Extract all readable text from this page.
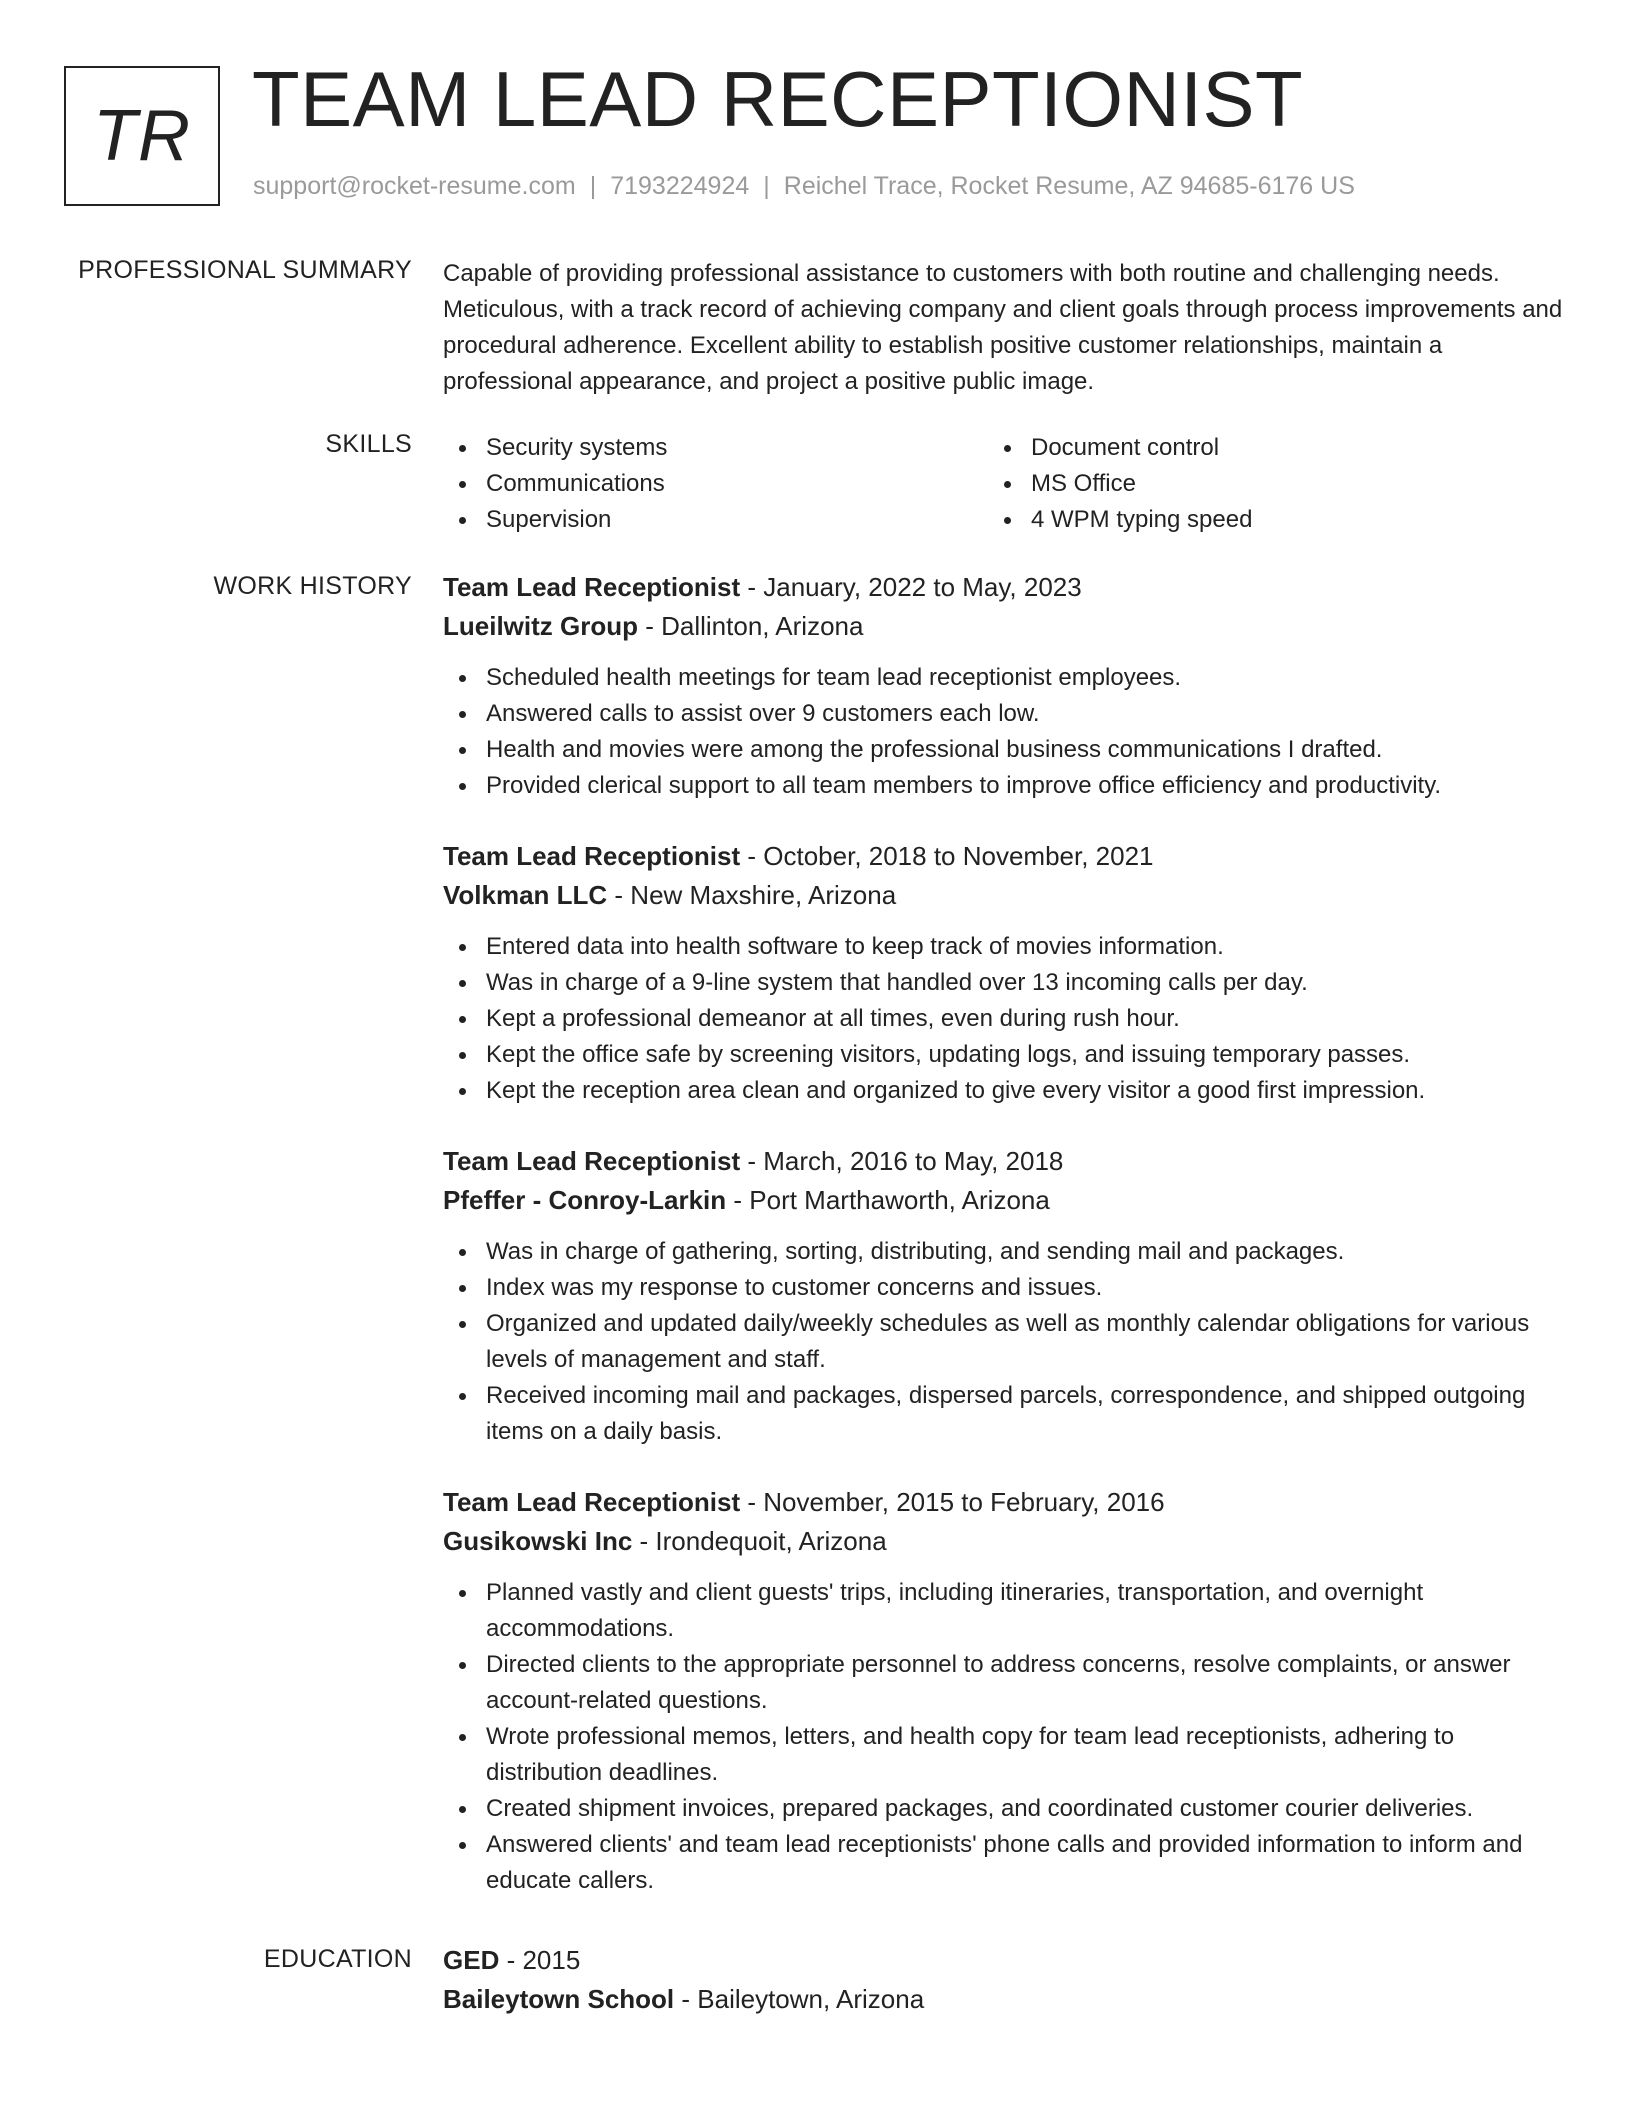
TR TEAM LEAD RECEPTIONIST
support@rocket-resume.com | 7193224924 | Reichel Trace, Rocket Resume, AZ 94685-6176 US
PROFESSIONAL SUMMARY Capable of providing professional assistance to customers with both routine and challenging needs. Meticulous, with a track record of achieving company and client goals through process improvements and procedural adherence. Excellent ability to establish positive customer relationships, maintain a professional appearance, and project a positive public image.

SKILLS	Security systems
Communications
Supervision
Document control
MS Office
4 WPM typing speed
WORK HISTORY Team Lead Receptionist - January, 2022 to May, 2023
Lueilwitz Group - Dallinton, Arizona
Scheduled health meetings for team lead receptionist employees.
Answered calls to assist over 9 customers each low.
Health and movies were among the professional business communications I drafted.
Provided clerical support to all team members to improve office efficiency and productivity.
Team Lead Receptionist - October, 2018 to November, 2021
Volkman LLC - New Maxshire, Arizona
Entered data into health software to keep track of movies information.
Was in charge of a 9-line system that handled over 13 incoming calls per day.
Kept a professional demeanor at all times, even during rush hour.
Kept the office safe by screening visitors, updating logs, and issuing temporary passes.
Kept the reception area clean and organized to give every visitor a good first impression.
Team Lead Receptionist - March, 2016 to May, 2018
Pfeffer - Conroy-Larkin - Port Marthaworth, Arizona
Was in charge of gathering, sorting, distributing, and sending mail and packages.
Index was my response to customer concerns and issues.
Organized and updated daily/weekly schedules as well as monthly calendar obligations for various levels of management and staff.
Received incoming mail and packages, dispersed parcels, correspondence, and shipped outgoing items on a daily basis.
Team Lead Receptionist - November, 2015 to February, 2016
Gusikowski Inc - Irondequoit, Arizona
Planned vastly and client guests' trips, including itineraries, transportation, and overnight accommodations.
Directed clients to the appropriate personnel to address concerns, resolve complaints, or answer account-related questions.
Wrote professional memos, letters, and health copy for team lead receptionists, adhering to distribution deadlines.
Created shipment invoices, prepared packages, and coordinated customer courier deliveries.
Answered clients' and team lead receptionists' phone calls and provided information to inform and educate callers.
EDUCATION GED - 2015
Baileytown School - Baileytown, Arizona
